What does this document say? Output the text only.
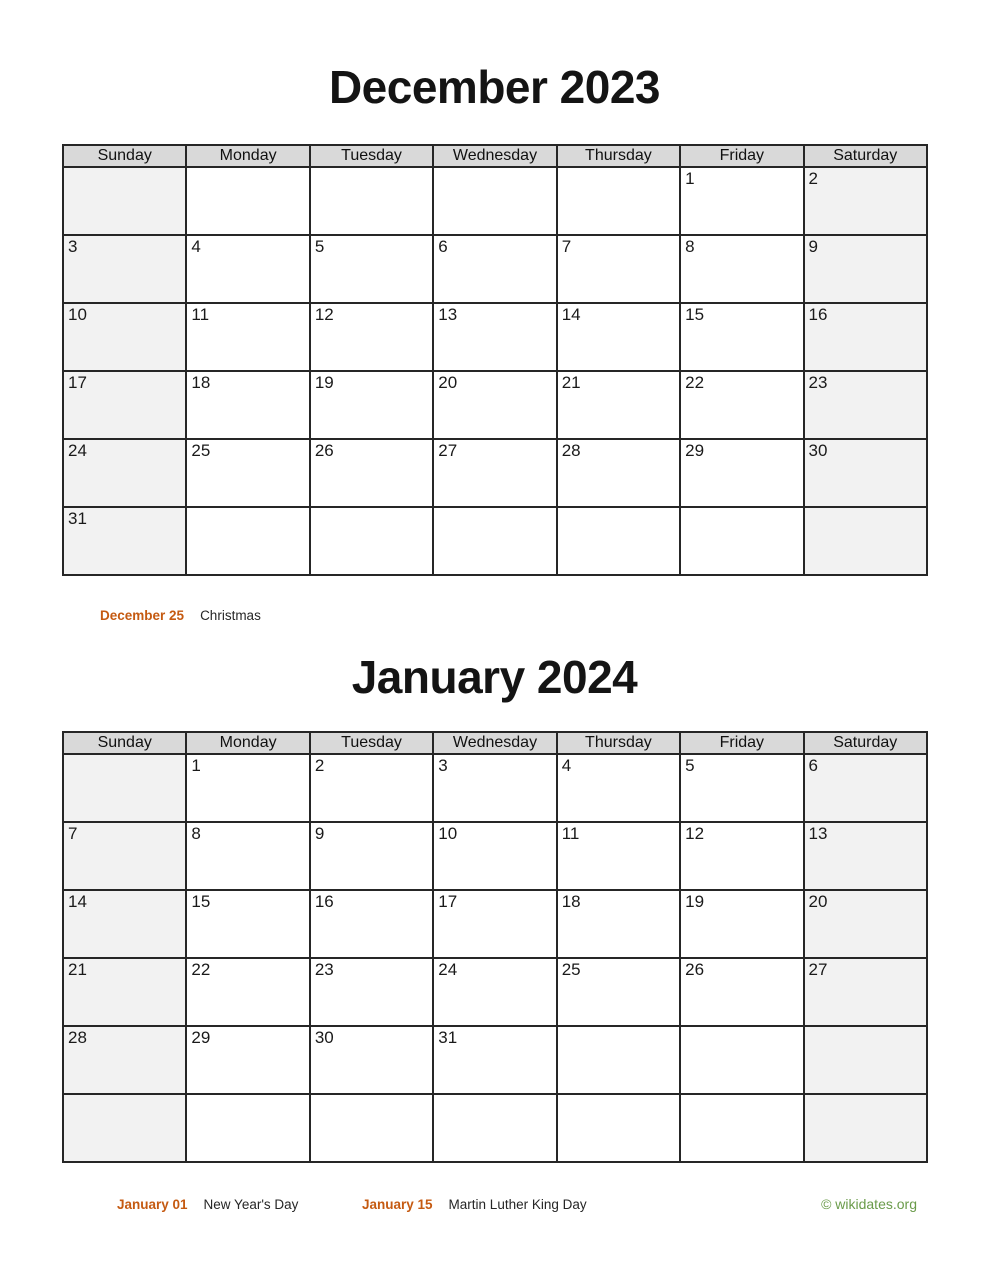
December 2023
Sunday	Monday	Tuesday	Wednesday	Thursday	Friday	Saturday
					1	2
3	4	5	6	7	8	9
10	11	12	13	14	15	16
17	18	19	20	21	22	23
24	25	26	27	28	29	30
31						
December 25 Christmas
January 2024
Sunday	Monday	Tuesday	Wednesday	Thursday	Friday	Saturday
	1	2	3	4	5	6
7	8	9	10	11	12	13
14	15	16	17	18	19	20
21	22	23	24	25	26	27
28	29	30	31			

January 01 New Year's Day	January 15 Martin Luther King Day	© wikidates.org
